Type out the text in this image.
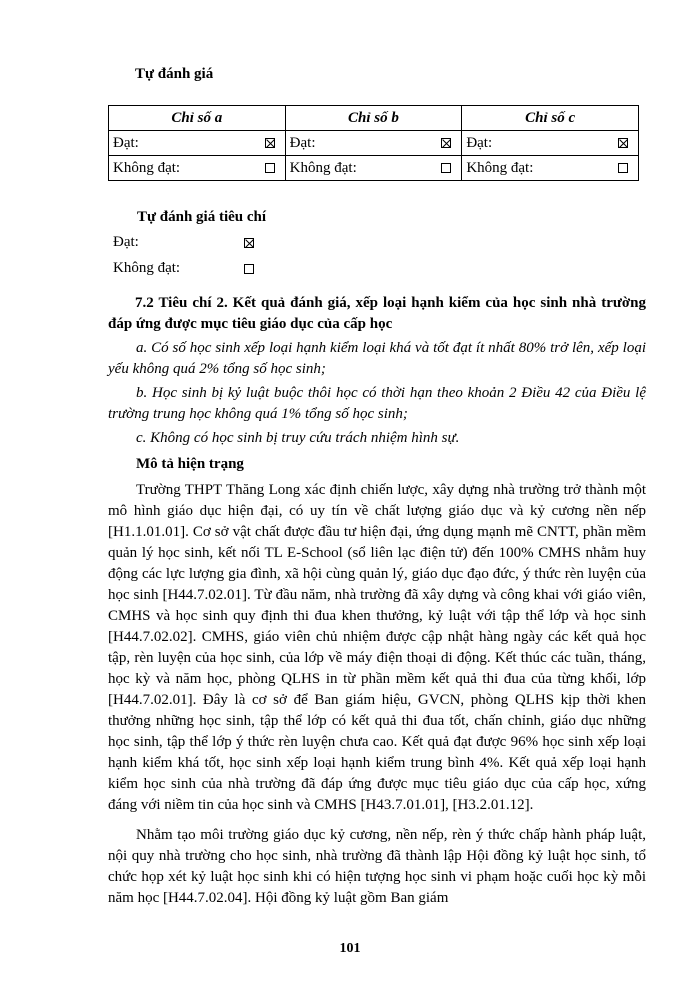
Tự đánh giá
Chỉ số a	Chỉ số b	Chỉ số c

Đạt:	Đạt:	Đạt:

Không đạt:	Không đạt:	Không đạt:
Tự đánh giá tiêu chí
Đạt:
Không đạt:
7.2 Tiêu chí 2. Kết quả đánh giá, xếp loại hạnh kiểm của học sinh nhà trường đáp ứng được mục tiêu giáo dục của cấp học
a. Có số học sinh xếp loại hạnh kiểm loại khá và tốt đạt ít nhất 80% trở lên, xếp loại yếu không quá 2% tổng số học sinh;
b. Học sinh bị kỷ luật buộc thôi học có thời hạn theo khoản 2 Điều 42 của Điều lệ trường trung học không quá 1% tổng số học sinh;
c. Không có học sinh bị truy cứu trách nhiệm hình sự.
Mô tả hiện trạng
Trường THPT Thăng Long xác định chiến lược, xây dựng nhà trường trở thành một mô hình giáo dục hiện đại, có uy tín về chất lượng giáo dục và kỷ cương nền nếp [H1.1.01.01]. Cơ sở vật chất được đầu tư hiện đại, ứng dụng mạnh mẽ CNTT, phần mềm quản lý học sinh, kết nối TL E-School (sổ liên lạc điện tử) đến 100% CMHS nhằm huy động các lực lượng gia đình, xã hội cùng quản lý, giáo dục đạo đức, ý thức rèn luyện của học sinh [H44.7.02.01]. Từ đầu năm, nhà trường đã xây dựng và công khai với giáo viên, CMHS và học sinh quy định thi đua khen thưởng, kỷ luật với tập thể lớp và học sinh [H44.7.02.02]. CMHS, giáo viên chủ nhiệm được cập nhật hàng ngày các kết quả học tập, rèn luyện của học sinh, của lớp về máy điện thoại di động. Kết thúc các tuần, tháng, học kỳ và năm học, phòng QLHS in từ phần mềm kết quả thi đua của từng khối, lớp [H44.7.02.01]. Đây là cơ sở để Ban giám hiệu, GVCN, phòng QLHS kịp thời khen thưởng những học sinh, tập thể lớp có kết quả thi đua tốt, chấn chỉnh, giáo dục những học sinh, tập thể lớp ý thức rèn luyện chưa cao. Kết quả đạt được 96% học sinh xếp loại hạnh kiểm khá tốt, học sinh xếp loại hạnh kiểm trung bình 4%. Kết quả xếp loại hạnh kiểm học sinh của nhà trường đã đáp ứng được mục tiêu giáo dục của cấp học, xứng đáng với niềm tin của học sinh và CMHS [H43.7.01.01], [H3.2.01.12].
Nhằm tạo môi trường giáo dục kỷ cương, nền nếp, rèn ý thức chấp hành pháp luật, nội quy nhà trường cho học sinh, nhà trường đã thành lập Hội đồng kỷ luật học sinh, tổ chức họp xét kỷ luật học sinh khi có hiện tượng học sinh vi phạm hoặc cuối học kỳ mỗi năm học [H44.7.02.04]. Hội đồng kỷ luật gồm Ban giám
101
